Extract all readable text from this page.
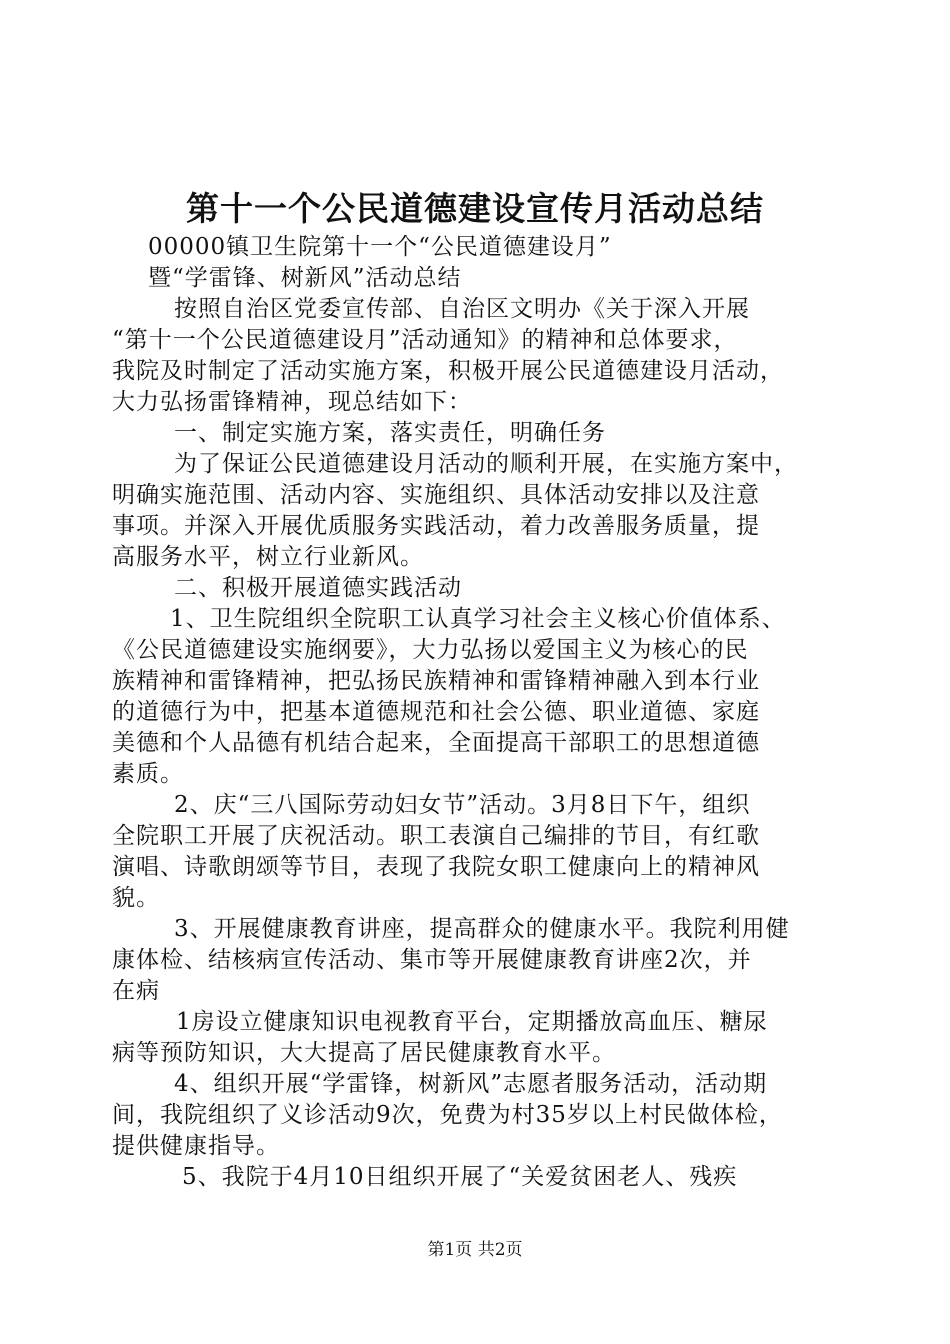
第十一个公民道德建设宣传月活动总结
00000镇卫生院第十一个“公民道德建设月”
暨“学雷锋、树新风”活动总结
按照自治区党委宣传部、自治区文明办《关于深入开展
“第十一个公民道德建设月”活动通知》的精神和总体要求，
我院及时制定了活动实施方案，积极开展公民道德建设月活动，
大力弘扬雷锋精神，现总结如下：
一、制定实施方案，落实责任，明确任务
为了保证公民道德建设月活动的顺利开展，在实施方案中，
明确实施范围、活动内容、实施组织、具体活动安排以及注意
事项。并深入开展优质服务实践活动，着力改善服务质量，提
高服务水平，树立行业新风。
二、积极开展道德实践活动
1、卫生院组织全院职工认真学习社会主义核心价值体系、
《公民道德建设实施纲要》，大力弘扬以爱国主义为核心的民
族精神和雷锋精神，把弘扬民族精神和雷锋精神融入到本行业
的道德行为中，把基本道德规范和社会公德、职业道德、家庭
美德和个人品德有机结合起来，全面提高干部职工的思想道德
素质。
2、庆“三八国际劳动妇女节”活动。3月8日下午，组织
全院职工开展了庆祝活动。职工表演自己编排的节目，有红歌
演唱、诗歌朗颂等节目，表现了我院女职工健康向上的精神风
貌。
3、开展健康教育讲座，提高群众的健康水平。我院利用健
康体检、结核病宣传活动、集市等开展健康教育讲座2次，并
在病
1房设立健康知识电视教育平台，定期播放高血压、糖尿
病等预防知识，大大提高了居民健康教育水平。
4、组织开展“学雷锋，树新风”志愿者服务活动，活动期
间，我院组织了义诊活动9次，免费为村35岁以上村民做体检，
提供健康指导。
5、我院于4月10日组织开展了“关爱贫困老人、残疾
第1页 共2页
